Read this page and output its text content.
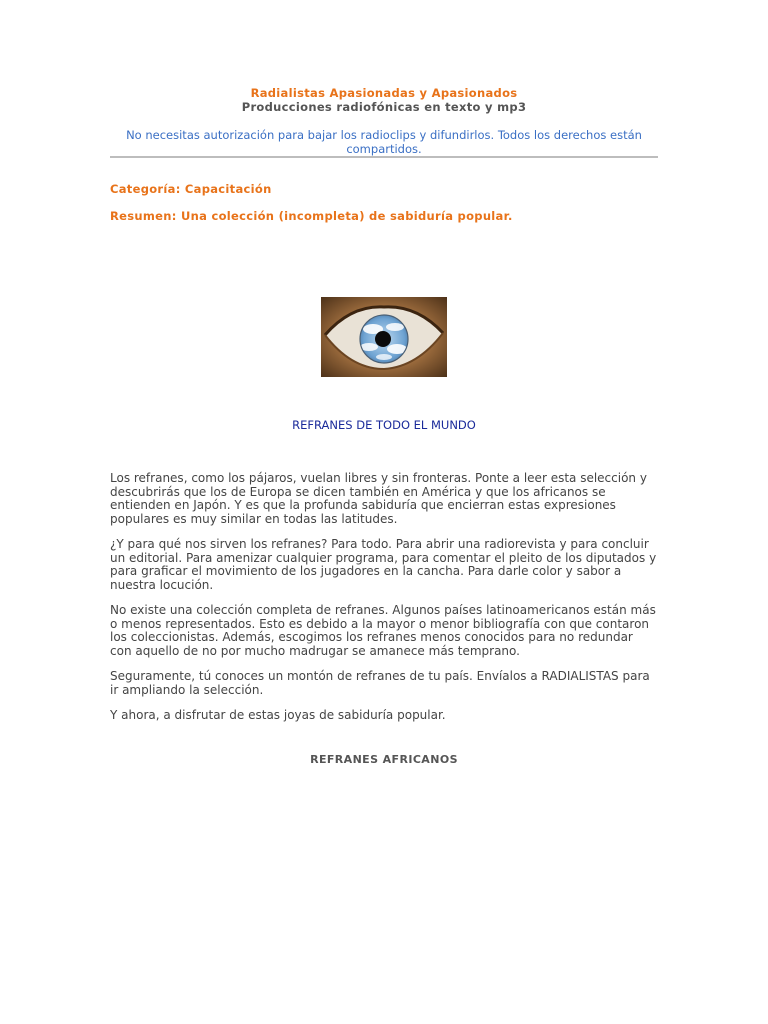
Radialistas Apasionadas y Apasionados
Producciones radiofónicas en texto y mp3
No necesitas autorización para bajar los radioclips y difundirlos. Todos los derechos están compartidos.
Categoría: Capacitación
Resumen: Una colección (incompleta) de sabiduría popular.
REFRANES DE TODO EL MUNDO

Los refranes, como los pájaros, vuelan libres y sin fronteras. Ponte a leer esta selección y descubrirás que los de Europa se dicen también en América y que los africanos se entienden en Japón. Y es que la profunda sabiduría que encierran estas expresiones populares es muy similar en todas las latitudes.

¿Y para qué nos sirven los refranes? Para todo. Para abrir una radiorevista y para concluir un editorial. Para amenizar cualquier programa, para comentar el pleito de los diputados y para graficar el movimiento de los jugadores en la cancha. Para darle color y sabor a nuestra locución.

No existe una colección completa de refranes. Algunos países latinoamericanos están más o menos representados. Esto es debido a la mayor o menor bibliografía con que contaron los coleccionistas. Además, escogimos los refranes menos conocidos para no redundar con aquello de no por mucho madrugar se amanece más temprano.

Seguramente, tú conoces un montón de refranes de tu país. Envíalos a RADIALISTAS para ir ampliando la selección.

Y ahora, a disfrutar de estas joyas de sabiduría popular.

REFRANES AFRICANOS
